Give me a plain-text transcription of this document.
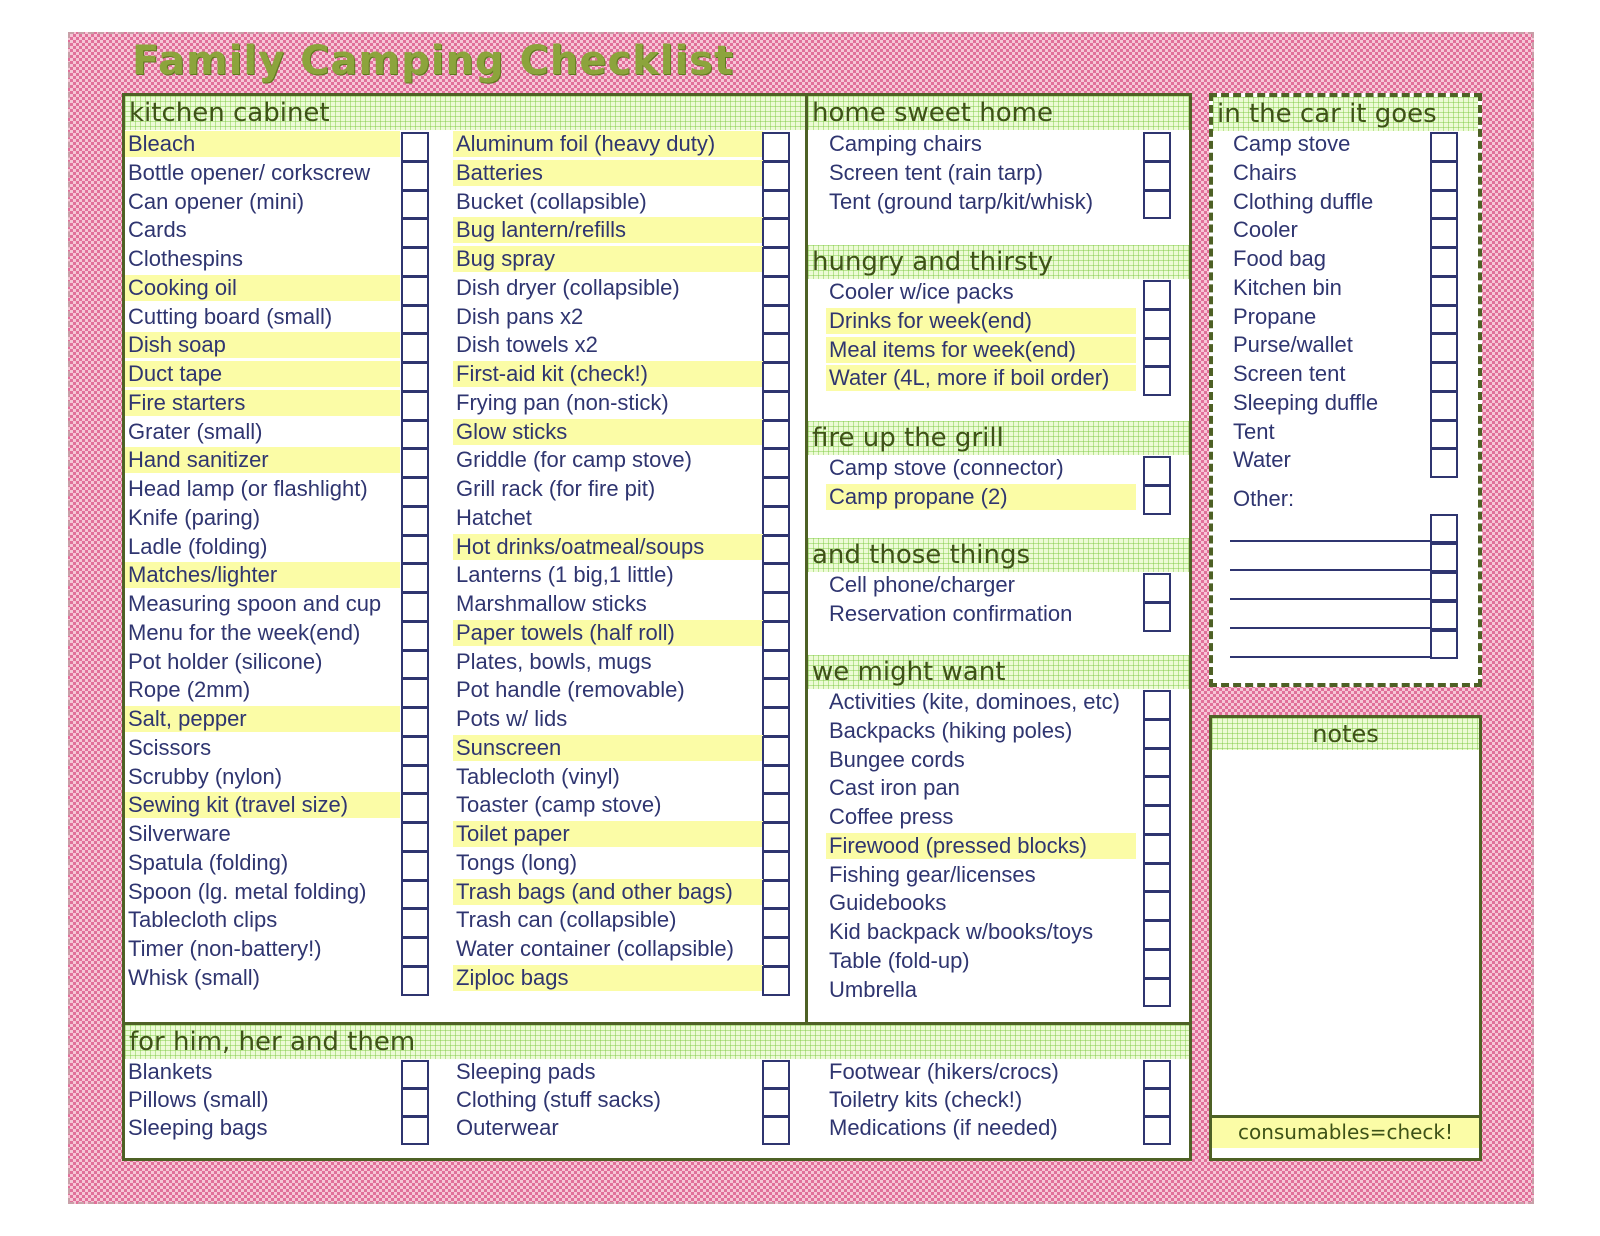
Family Camping Checklist
kitchen cabinet	home sweet home
hungry and thirsty
fire up the grill
and those things
we might want
for him, her and them
in the car it goes
Other:
notes
consumables=check!
Bleach
Bottle opener/ corkscrew
Can opener (mini)
Cards
Clothespins
Cooking oil
Cutting board (small)
Dish soap
Duct tape
Fire starters
Grater (small)
Hand sanitizer
Head lamp (or flashlight)
Knife (paring)
Ladle (folding)
Matches/lighter
Measuring spoon and cup
Menu for the week(end)
Pot holder (silicone)
Rope (2mm)
Salt, pepper
Scissors
Scrubby (nylon)
Sewing kit (travel size)
Silverware
Spatula (folding)
Spoon (lg. metal folding)
Tablecloth clips
Timer (non-battery!)
Whisk (small)
Aluminum foil (heavy duty)
Batteries
Bucket (collapsible)
Bug lantern/refills
Bug spray
Dish dryer (collapsible)
Dish pans x2
Dish towels x2
First-aid kit (check!)
Frying pan (non-stick)
Glow sticks
Griddle (for camp stove)
Grill rack (for fire pit)
Hatchet
Hot drinks/oatmeal/soups
Lanterns (1 big,1 little)
Marshmallow sticks
Paper towels (half roll)
Plates, bowls, mugs
Pot handle (removable)
Pots w/ lids
Sunscreen
Tablecloth (vinyl)
Toaster (camp stove)
Toilet paper
Tongs (long)
Trash bags (and other bags)
Trash can (collapsible)
Water container (collapsible)
Ziploc bags
Camping chairs
Screen tent (rain tarp)
Tent (ground tarp/kit/whisk)
Cooler w/ice packs
Drinks for week(end)
Meal items for week(end)
Water (4L, more if boil order)
Camp stove (connector)
Camp propane (2)
Cell phone/charger
Reservation confirmation
Activities (kite, dominoes, etc)
Backpacks (hiking poles)
Bungee cords
Cast iron pan
Coffee press
Firewood (pressed blocks)
Fishing gear/licenses
Guidebooks
Kid backpack w/books/toys
Table (fold-up)
Umbrella
Blankets
Pillows (small)
Sleeping bags
Sleeping pads
Clothing (stuff sacks)
Outerwear
Footwear (hikers/crocs)
Toiletry kits (check!)
Medications (if needed)
Camp stove
Chairs
Clothing duffle
Cooler
Food bag
Kitchen bin
Propane
Purse/wallet
Screen tent
Sleeping duffle
Tent
Water
